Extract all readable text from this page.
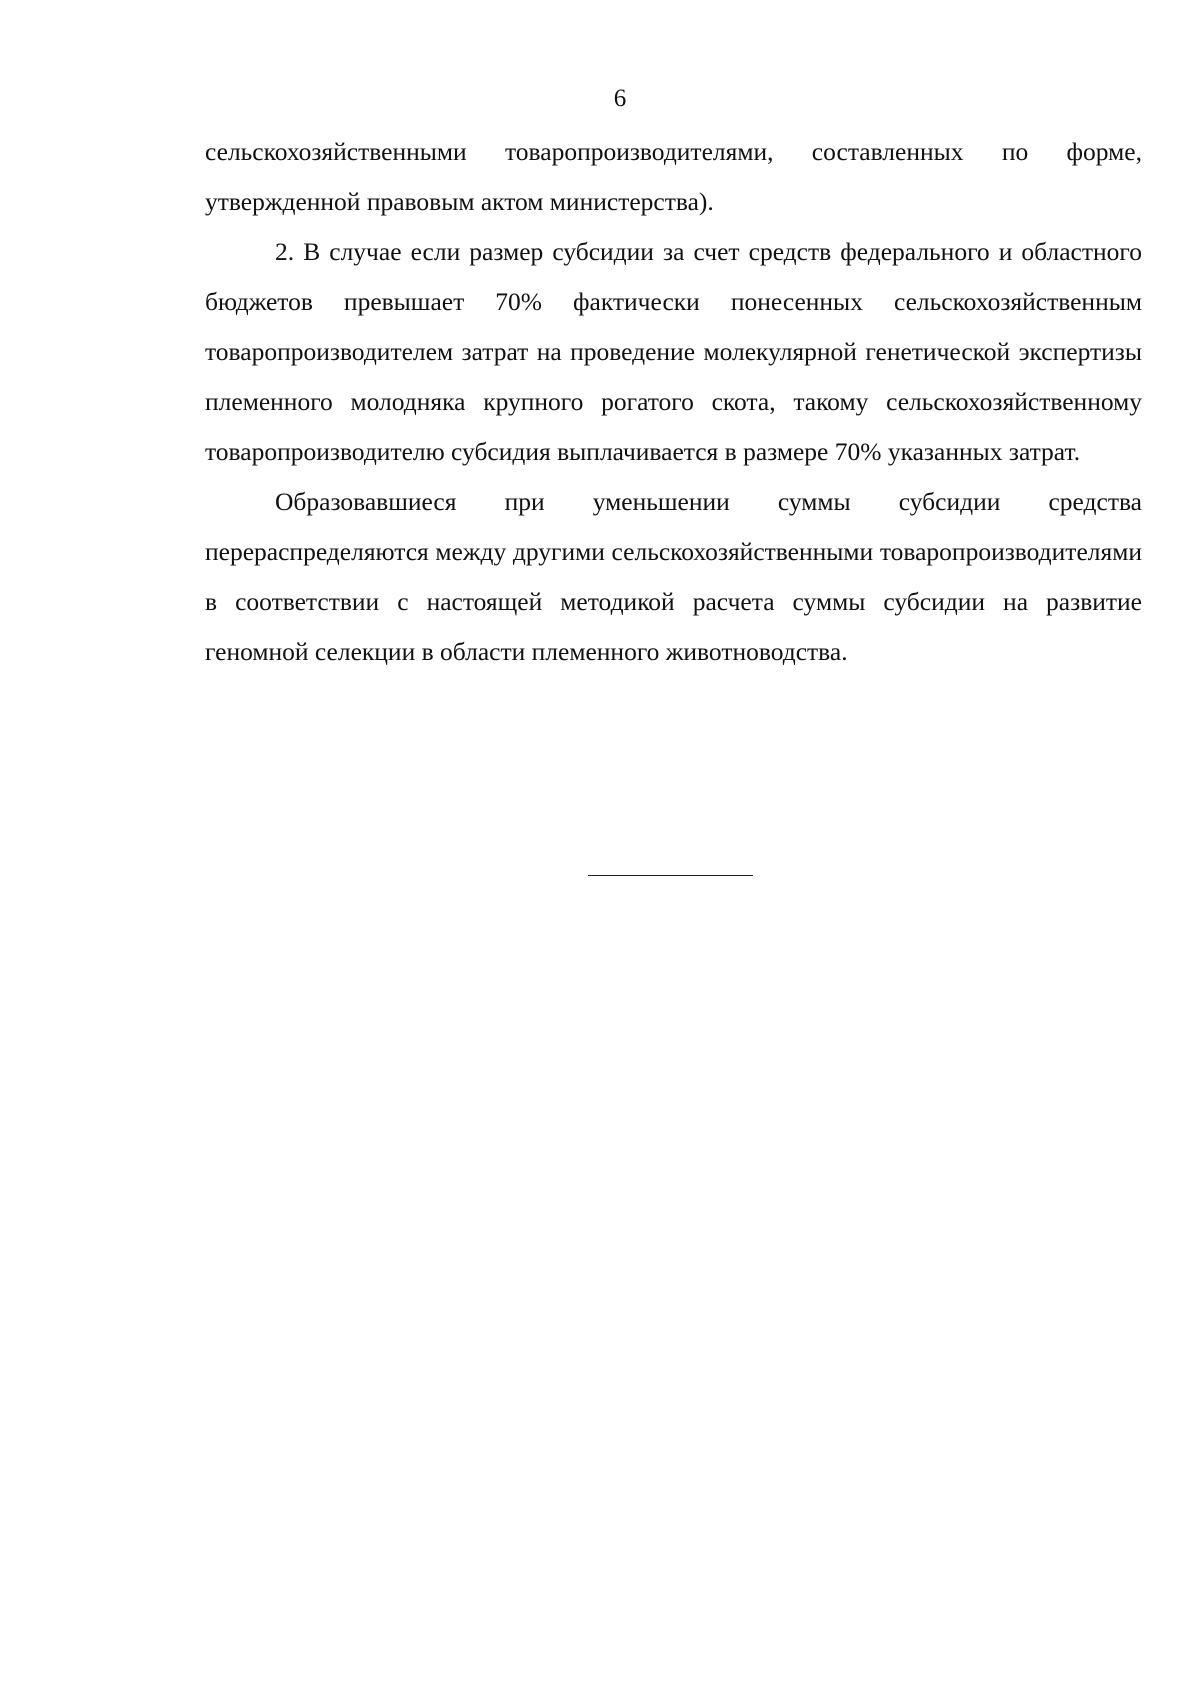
6

сельскохозяйственными товаропроизводителями, составленных по форме, утвержденной правовым актом министерства).

2. В случае если размер субсидии за счет средств федерального и областного бюджетов превышает 70% фактически понесенных сельскохозяйственным товаропроизводителем затрат на проведение молекулярной генетической экспертизы племенного молодняка крупного рогатого скота, такому сельскохозяйственному товаропроизводителю субсидия выплачивается в размере 70% указанных затрат.

Образовавшиеся при уменьшении суммы субсидии средства перераспределяются между другими сельскохозяйственными товаропроизводителями в соответствии с настоящей методикой расчета суммы субсидии на развитие геномной селекции в области племенного животноводства.
